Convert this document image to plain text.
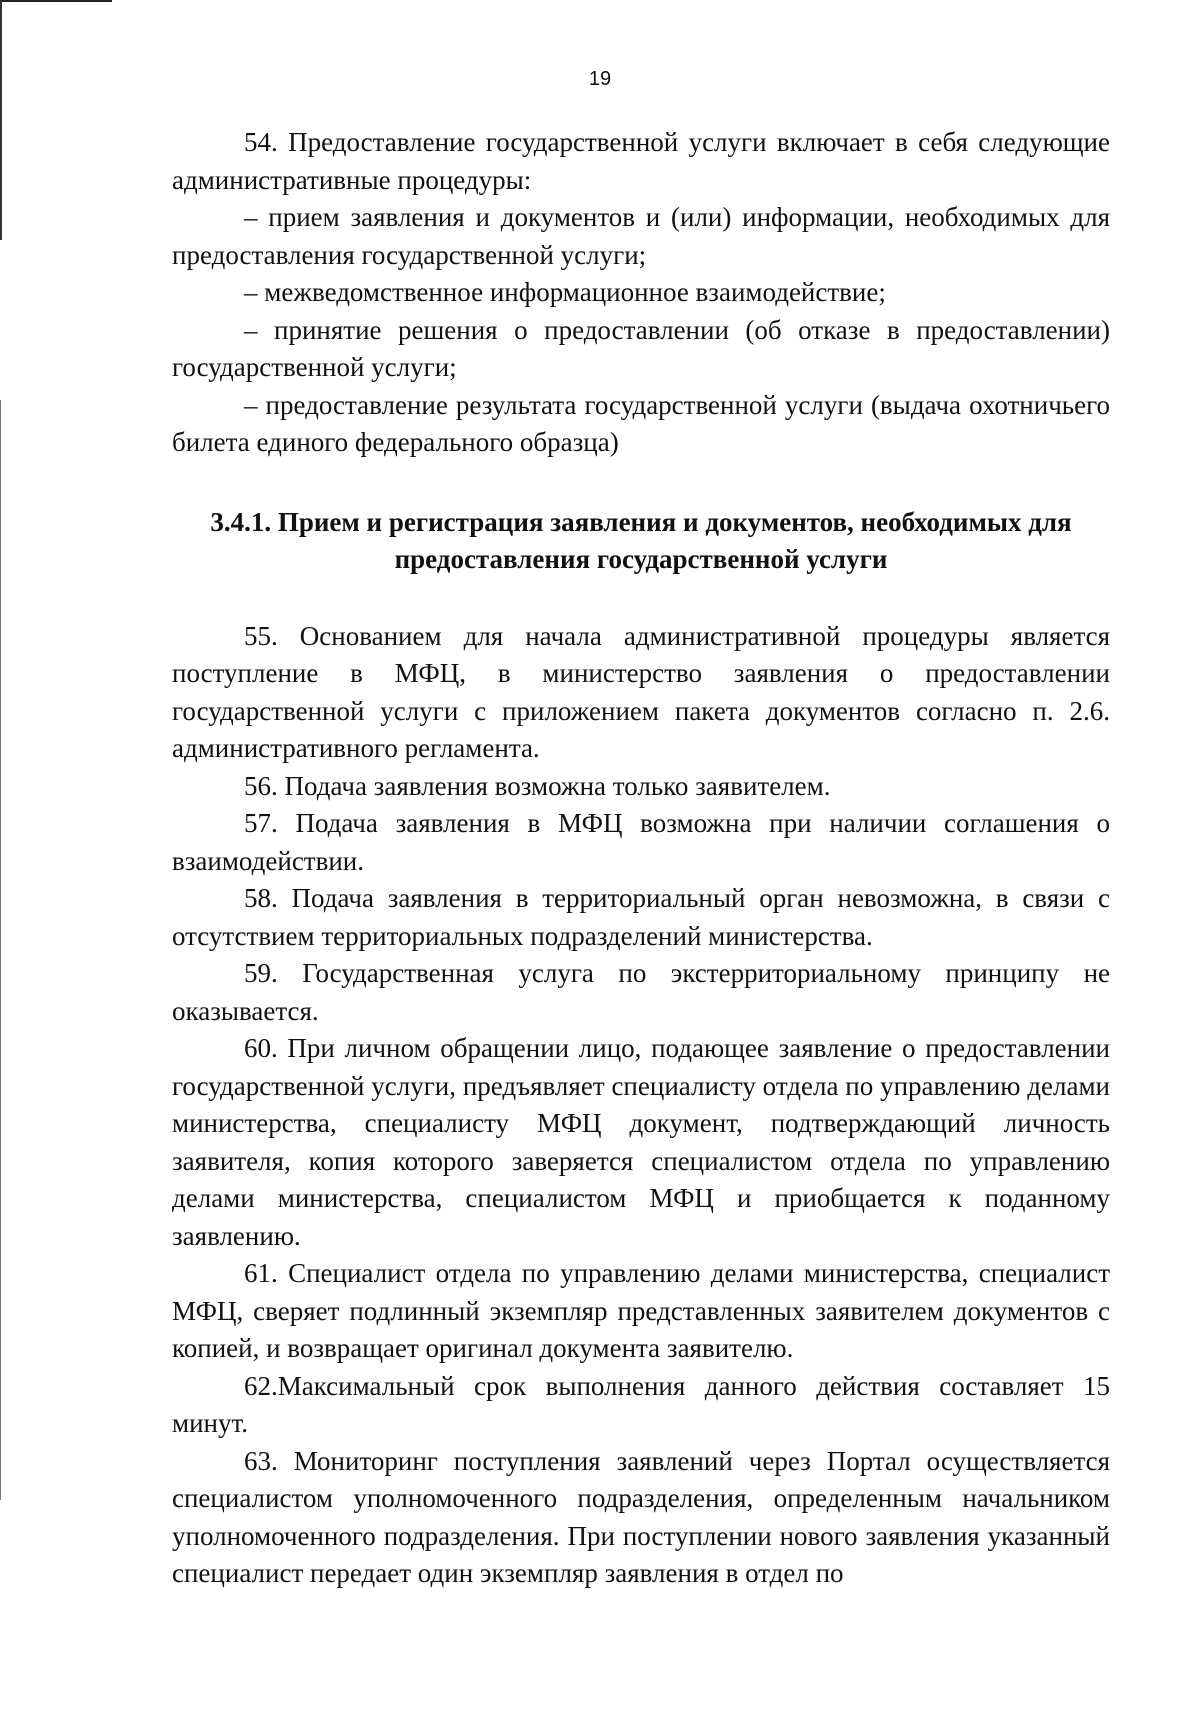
19

54. Предоставление государственной услуги включает в себя следующие административные процедуры:

– прием заявления и документов и (или) информации, необходимых для предоставления государственной услуги;

– межведомственное информационное взаимодействие;

– принятие решения о предоставлении (об отказе в предоставлении) государственной услуги;

– предоставление результата государственной услуги (выдача охотничьего билета единого федерального образца)

3.4.1. Прием и регистрация заявления и документов, необходимых для предоставления государственной услуги

55. Основанием для начала административной процедуры является поступление в МФЦ, в министерство заявления о предоставлении государственной услуги с приложением пакета документов согласно п. 2.6. административного регламента.

56. Подача заявления возможна только заявителем.

57. Подача заявления в МФЦ возможна при наличии соглашения о взаимодействии.

58. Подача заявления в территориальный орган невозможна, в связи с отсутствием территориальных подразделений министерства.

59. Государственная услуга по экстерриториальному принципу не оказывается.

60. При личном обращении лицо, подающее заявление о предоставлении государственной услуги, предъявляет специалисту отдела по управлению делами министерства, специалисту МФЦ документ, подтверждающий личность заявителя, копия которого заверяется специалистом отдела по управлению делами министерства, специалистом МФЦ и приобщается к поданному заявлению.

61. Специалист отдела по управлению делами министерства, специалист МФЦ, сверяет подлинный экземпляр представленных заявителем документов с копией, и возвращает оригинал документа заявителю.

62.Максимальный срок выполнения данного действия составляет 15 минут.

63. Мониторинг поступления заявлений через Портал осуществляется специалистом уполномоченного подразделения, определенным начальником уполномоченного подразделения. При поступлении нового заявления указанный специалист передает один экземпляр заявления в отдел по
